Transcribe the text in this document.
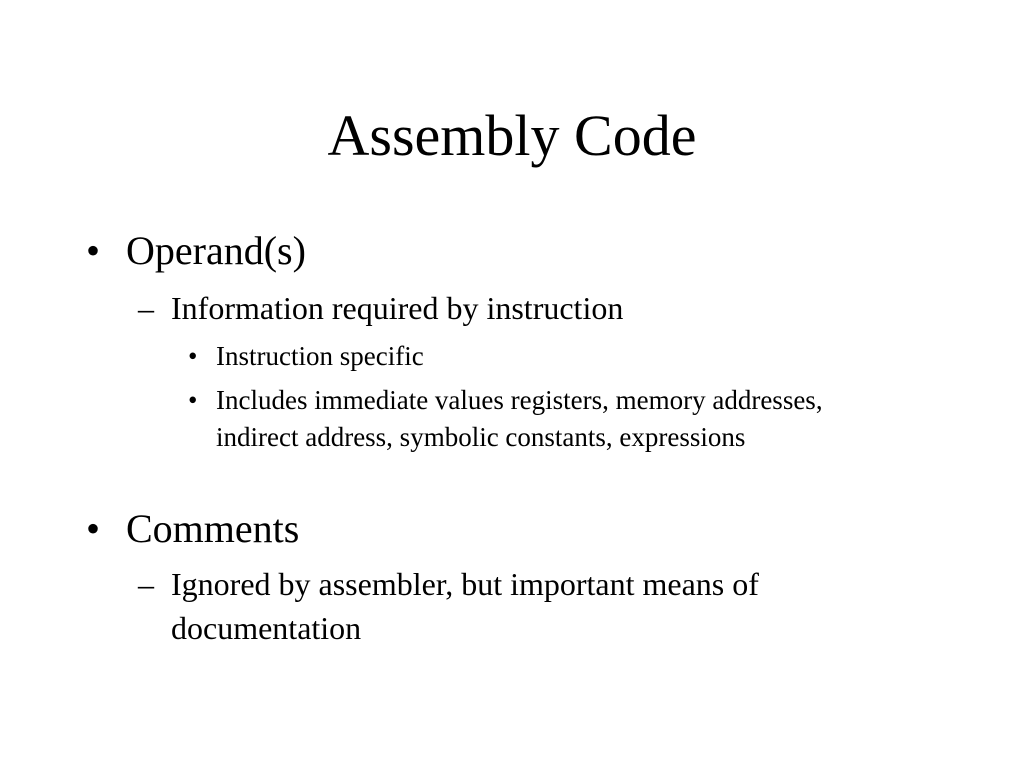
Assembly Code
• Operand(s)
– Information required by instruction
• Instruction specific
• Includes immediate values registers, memory addresses, indirect address, symbolic constants, expressions
• Comments
– Ignored by assembler, but important means of documentation
